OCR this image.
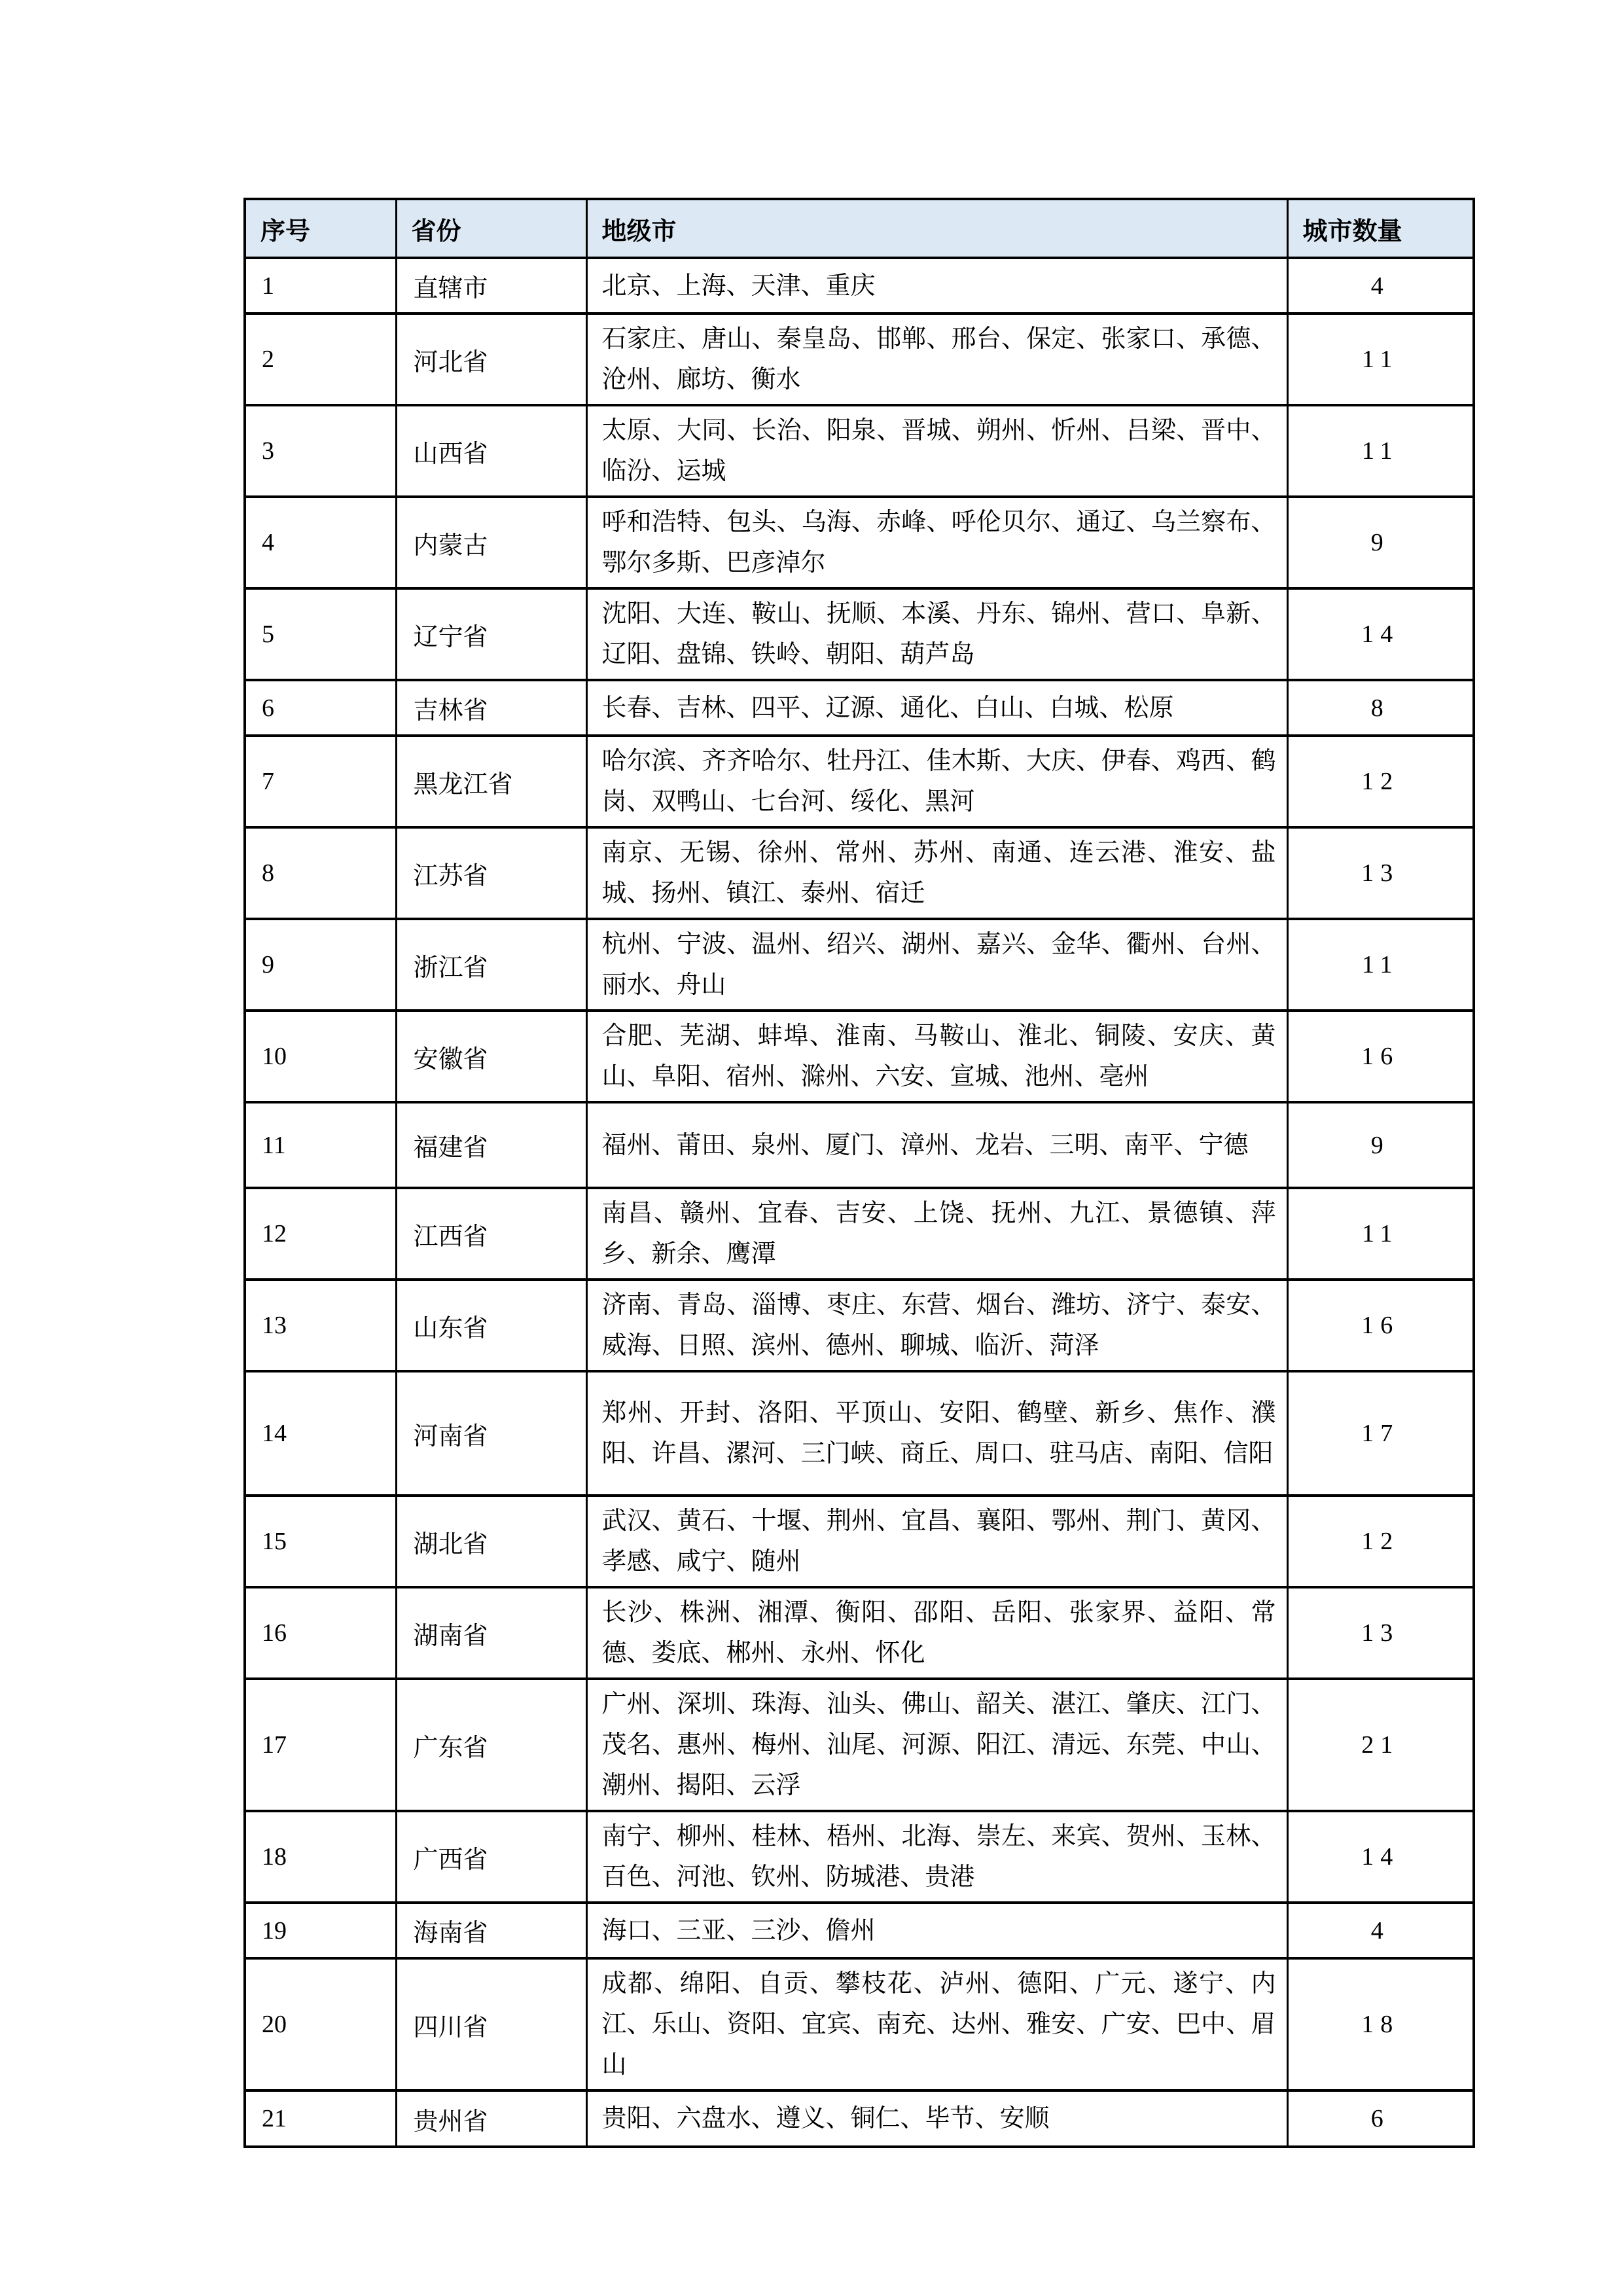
序号	省份	地级市	城市数量
1	直辖市	北京、上海、天津、重庆	4
2	河北省	石家庄、唐山、秦皇岛、邯郸、邢台、保定、张家口、承德、沧州、廊坊、衡水	11
3	山西省	太原、大同、长治、阳泉、晋城、朔州、忻州、吕梁、晋中、临汾、运城	11
4	内蒙古	呼和浩特、包头、乌海、赤峰、呼伦贝尔、通辽、乌兰察布、鄂尔多斯、巴彦淖尔	9
5	辽宁省	沈阳、大连、鞍山、抚顺、本溪、丹东、锦州、营口、阜新、辽阳、盘锦、铁岭、朝阳、葫芦岛	14
6	吉林省	长春、吉林、四平、辽源、通化、白山、白城、松原	8
7	黑龙江省	哈尔滨、齐齐哈尔、牡丹江、佳木斯、大庆、伊春、鸡西、鹤岗、双鸭山、七台河、绥化、黑河	12
8	江苏省	南京、无锡、徐州、常州、苏州、南通、连云港、淮安、盐城、扬州、镇江、泰州、宿迁	13
9	浙江省	杭州、宁波、温州、绍兴、湖州、嘉兴、金华、衢州、台州、丽水、舟山	11
10	安徽省	合肥、芜湖、蚌埠、淮南、马鞍山、淮北、铜陵、安庆、黄山、阜阳、宿州、滁州、六安、宣城、池州、亳州	16
11	福建省	福州、莆田、泉州、厦门、漳州、龙岩、三明、南平、宁德	9
12	江西省	南昌、赣州、宜春、吉安、上饶、抚州、九江、景德镇、萍乡、新余、鹰潭	11
13	山东省	济南、青岛、淄博、枣庄、东营、烟台、潍坊、济宁、泰安、威海、日照、滨州、德州、聊城、临沂、菏泽	16
14	河南省	郑州、开封、洛阳、平顶山、安阳、鹤壁、新乡、焦作、濮阳、许昌、漯河、三门峡、商丘、周口、驻马店、南阳、信阳	17
15	湖北省	武汉、黄石、十堰、荆州、宜昌、襄阳、鄂州、荆门、黄冈、孝感、咸宁、随州	12
16	湖南省	长沙、株洲、湘潭、衡阳、邵阳、岳阳、张家界、益阳、常德、娄底、郴州、永州、怀化	13
17	广东省	广州、深圳、珠海、汕头、佛山、韶关、湛江、肇庆、江门、茂名、惠州、梅州、汕尾、河源、阳江、清远、东莞、中山、潮州、揭阳、云浮	21
18	广西省	南宁、柳州、桂林、梧州、北海、崇左、来宾、贺州、玉林、百色、河池、钦州、防城港、贵港	14
19	海南省	海口、三亚、三沙、儋州	4
20	四川省	成都、绵阳、自贡、攀枝花、泸州、德阳、广元、遂宁、内江、乐山、资阳、宜宾、南充、达州、雅安、广安、巴中、眉山	18
21	贵州省	贵阳、六盘水、遵义、铜仁、毕节、安顺	6
